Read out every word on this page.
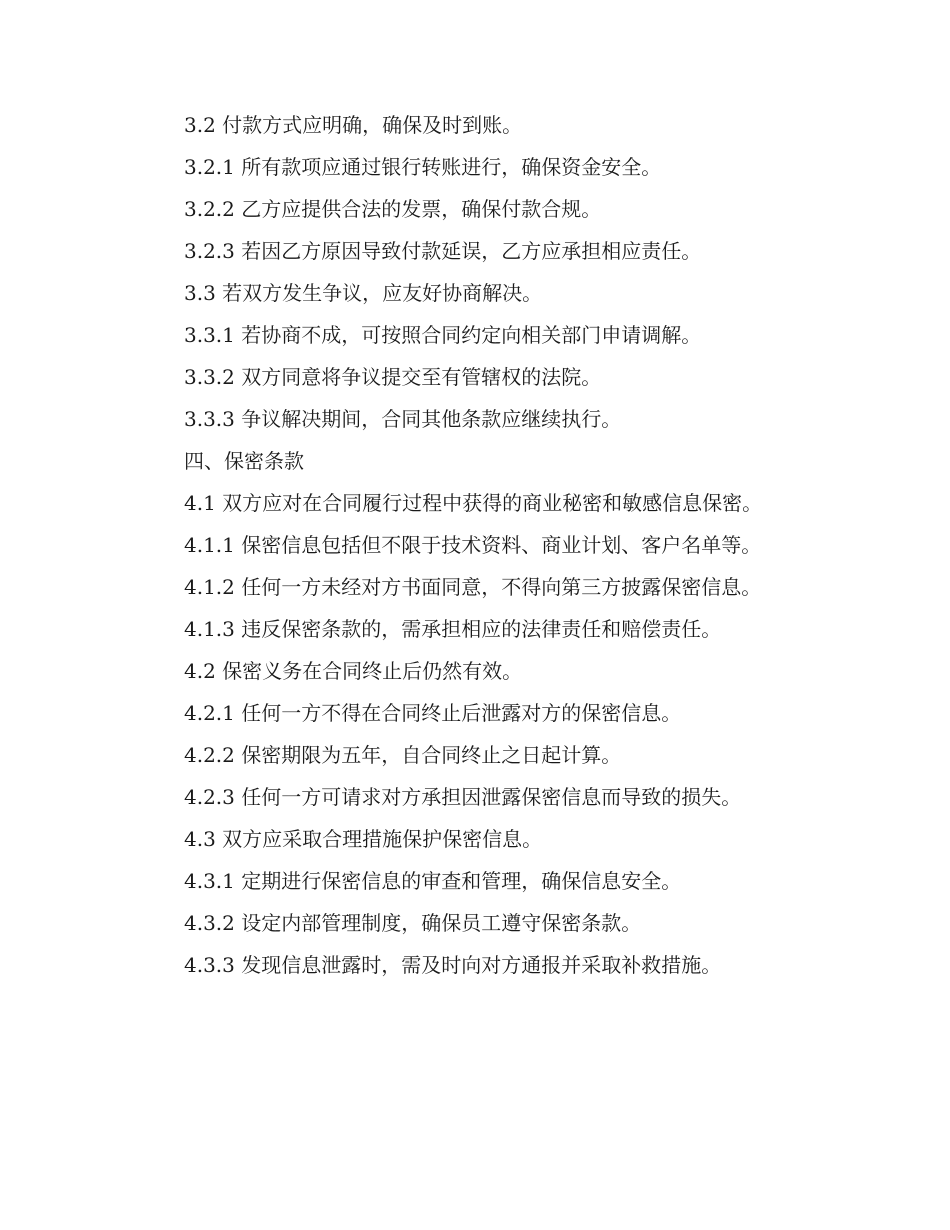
3.2 付款方式应明确，确保及时到账。

3.2.1 所有款项应通过银行转账进行，确保资金安全。

3.2.2 乙方应提供合法的发票，确保付款合规。

3.2.3 若因乙方原因导致付款延误，乙方应承担相应责任。

3.3 若双方发生争议，应友好协商解决。

3.3.1 若协商不成，可按照合同约定向相关部门申请调解。

3.3.2 双方同意将争议提交至有管辖权的法院。

3.3.3 争议解决期间，合同其他条款应继续执行。

四、保密条款

4.1 双方应对在合同履行过程中获得的商业秘密和敏感信息保密。

4.1.1 保密信息包括但不限于技术资料、商业计划、客户名单等。

4.1.2 任何一方未经对方书面同意，不得向第三方披露保密信息。

4.1.3 违反保密条款的，需承担相应的法律责任和赔偿责任。

4.2 保密义务在合同终止后仍然有效。

4.2.1 任何一方不得在合同终止后泄露对方的保密信息。

4.2.2 保密期限为五年，自合同终止之日起计算。

4.2.3 任何一方可请求对方承担因泄露保密信息而导致的损失。

4.3 双方应采取合理措施保护保密信息。

4.3.1 定期进行保密信息的审查和管理，确保信息安全。

4.3.2 设定内部管理制度，确保员工遵守保密条款。

4.3.3 发现信息泄露时，需及时向对方通报并采取补救措施。
